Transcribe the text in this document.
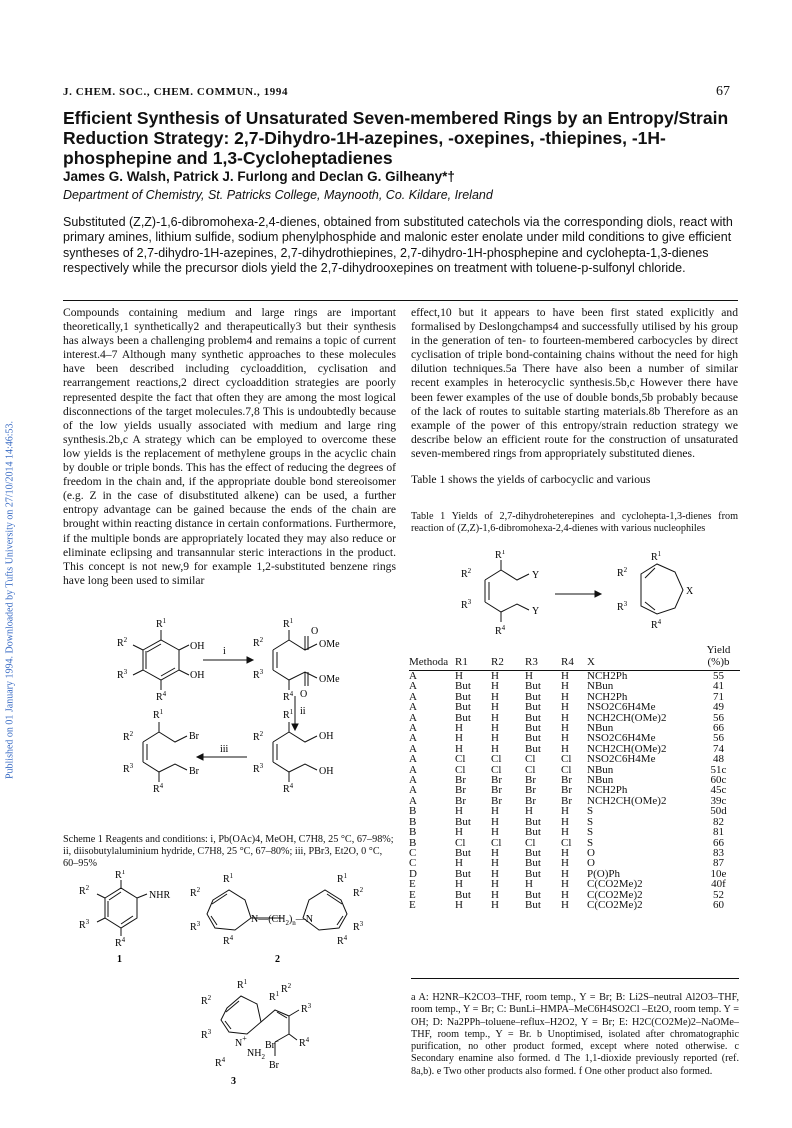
Published on 01 January 1994. Downloaded by Tufts University on 27/10/2014 14:46:53.
J. CHEM. SOC., CHEM. COMMUN., 1994	67
Efficient Synthesis of Unsaturated Seven-membered Rings by an Entropy/Strain Reduction Strategy: 2,7-Dihydro-1H-azepines, -oxepines, -thiepines, -1H-phosphepine and 1,3-Cycloheptadienes
James G. Walsh, Patrick J. Furlong and Declan G. Gilheany*†
Department of Chemistry, St. Patricks College, Maynooth, Co. Kildare, Ireland
Substituted (Z,Z)-1,6-dibromohexa-2,4-dienes, obtained from substituted catechols via the corresponding diols, react with primary amines, lithium sulfide, sodium phenylphosphide and malonic ester enolate under mild conditions to give efficient syntheses of 2,7-dihydro-1H-azepines, 2,7-dihydrothiepines, 2,7-dihydro-1H-phosphepine and cyclohepta-1,3-dienes respectively while the precursor diols yield the 2,7-dihydrooxepines on treatment with toluene-p-sulfonyl chloride.
Compounds containing medium and large rings are important theoretically,1 synthetically2 and therapeutically3 but their synthesis has always been a challenging problem4 and remains a topic of current interest.4–7 Although many synthetic approaches to these molecules have been described including cycloaddition, cyclisation and rearrangement reactions,2 direct cycloaddition strategies are poorly represented despite the fact that often they are among the most logical disconnections of the target molecules.7,8 This is undoubtedly because of the low yields usually associated with medium and large ring synthesis.2b,c A strategy which can be employed to overcome these low yields is the replacement of methylene groups in the acyclic chain by double or triple bonds. This has the effect of reducing the degrees of freedom in the chain and, if the appropriate double bond stereoisomer (e.g. Z in the case of disubstituted alkene) can be used, a further entropy advantage can be gained because the ends of the chain are brought within reacting distance in certain conformations. Furthermore, if the multiple bonds are appropriately located they may also reduce or eliminate eclipsing and transannular steric interactions in the product. This concept is not new,9 for example 1,2-substituted benzene rings have long been used to similar
effect,10 but it appears to have been first stated explicitly and formalised by Deslongchamps4 and successfully utilised by his group in the generation of ten- to fourteen-membered carbocycles by direct cyclisation of triple bond-containing chains without the need for high dilution techniques.5a There have also been a number of similar recent examples in heterocyclic synthesis.5b,c However there have been fewer examples of the use of double bonds,5b probably because of the lack of routes to suitable starting materials.8b Therefore as an example of the power of this entropy/strain reduction strategy we describe below an efficient route for the construction of unsaturated seven-membered rings from appropriately substituted dienes.
Table 1 shows the yields of carbocyclic and various
$R^1$
$R^2$
$R^3$
$R^4$
OH
OH
i
$R^1$
$R^2$
$R^3$
O
OMe
OMe
$R^4$ O
ii
$R^1$
$R^2$
$R^3$
OH
OH
$R^4$
iii
$R^1$
$R^2$
$R^3$
Br
Br
$R^4$
Scheme 1 Reagents and conditions: i, Pb(OAc)4, MeOH, C7H8, 25 °C, 67–98%; ii, diisobutylaluminium hydride, C7H8, 25 °C, 67–80%; iii, PBr3, Et2O, 0 °C, 60–95%
$R^1$
$R^2$
$R^3$
NHR
$R^4$
1
$R^1$
$R^2$
$R^3$
$R^4$
$N—(CH_2)_n—N$
$R^1$
$R^2$
$R^3$
$R^4$
2
$R^1$
$R^2$
$R^3$
N+
$NH_2$
Br−
$R^1$ $R^2$
$R^3$
$R^4$
$R^4$	Br
3
Table 1 Yields of 2,7-dihydroheterepines and cyclohepta-1,3-dienes from reaction of (Z,Z)-1,6-dibromohexa-2,4-dienes with various nucleophiles
$R^1$
$R^2$
$R^3$
$R^4$
Y
Y
$R^1$
$R^2$
$R^3$
X
$R^4$
Methoda	R1	R2	R3	R4	X	Yield (%)b
A	H	H	H	H	NCH2Ph	55
A	But	H	But	H	NBun	41
A	But	H	But	H	NCH2Ph	71
A	But	H	But	H	NSO2C6H4Me	49
A	But	H	But	H	NCH2CH(OMe)2	56
A	H	H	But	H	NBun	66
A	H	H	But	H	NSO2C6H4Me	56
A	H	H	But	H	NCH2CH(OMe)2	74
A	Cl	Cl	Cl	Cl	NSO2C6H4Me	48
A	Cl	Cl	Cl	Cl	NBun	51c
A	Br	Br	Br	Br	NBun	60c
A	Br	Br	Br	Br	NCH2Ph	45c
A	Br	Br	Br	Br	NCH2CH(OMe)2	39c
B	H	H	H	H	S	50d
B	But	H	But	H	S	82
B	H	H	But	H	S	81
B	Cl	Cl	Cl	Cl	S	66
C	But	H	But	H	O	83
C	H	H	But	H	O	87
D	But	H	But	H	P(O)Ph	10e
E	H	H	H	H	C(CO2Me)2	40f
E	But	H	But	H	C(CO2Me)2	52
E	H	H	But	H	C(CO2Me)2	60
a A: H2NR–K2CO3–THF, room temp., Y = Br; B: Li2S–neutral Al2O3–THF, room temp., Y = Br; C: BunLi–HMPA–MeC6H4SO2Cl –Et2O, room temp. Y = OH; D: Na2PPh–toluene–reflux–H2O2, Y = Br; E: H2C(CO2Me)2–NaOMe–THF, room temp., Y = Br. b Unoptimised, isolated after chromatographic purification, no other product formed, except where noted otherwise. c Secondary enamine also formed. d The 1,1-dioxide previously reported (ref. 8a,b). e Two other products also formed. f One other product also formed.
